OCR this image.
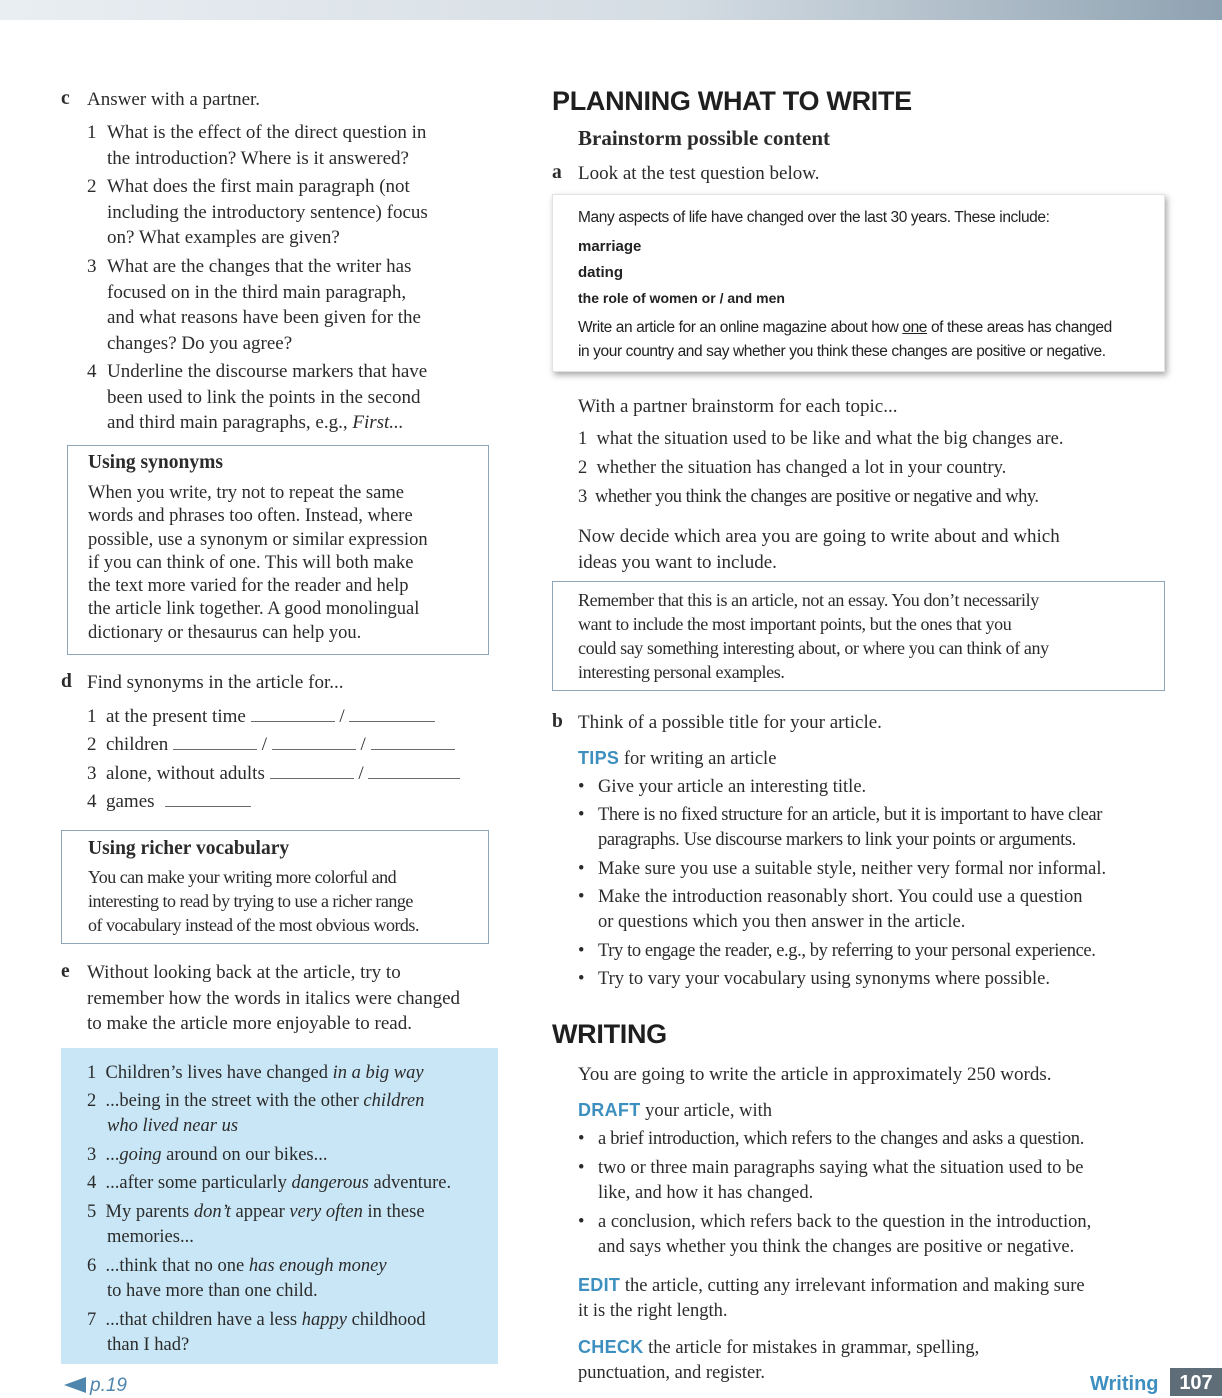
c Answer with a partner.
1 What is the effect of the direct question in
the introduction? Where is it answered?
2 What does the first main paragraph (not
including the introductory sentence) focus
on? What examples are given?
3 What are the changes that the writer has
focused on in the third main paragraph,
and what reasons have been given for the
changes? Do you agree?
4 Underline the discourse markers that have
been used to link the points in the second
and third main paragraphs, e.g., First...
Using synonyms
When you write, try not to repeat the same
words and phrases too often. Instead, where
possible, use a synonym or similar expression
if you can think of one. This will both make
the text more varied for the reader and help
the article link together. A good monolingual
dictionary or thesaurus can help you.
d Find synonyms in the article for...
1 at the present time	/
2 children	/	/
3 alone, without adults	/
4 games
Using richer vocabulary
You can make your writing more colorful and
interesting to read by trying to use a richer range
of vocabulary instead of the most obvious words.
e Without looking back at the article, try to
remember how the words in italics were changed
to make the article more enjoyable to read.
1 Children’s lives have changed in a big way
2 ...being in the street with the other children
who lived near us
3 ...going around on our bikes...
4 ...after some particularly dangerous adventure.
5 My parents don’t appear very often in these
memories...
6 ...think that no one has enough money
to have more than one child.
7 ...that children have a less happy childhood
than I had?
p.19
PLANNING WHAT TO WRITE
Brainstorm possible content
a Look at the test question below.
Many aspects of life have changed over the last 30 years. These include:
marriage
dating
the role of women or / and men
Write an article for an online magazine about how one of these areas has changed
in your country and say whether you think these changes are positive or negative.
With a partner brainstorm for each topic...
1 what the situation used to be like and what the big changes are.
2 whether the situation has changed a lot in your country.
3 whether you think the changes are positive or negative and why.
Now decide which area you are going to write about and which
ideas you want to include.
Remember that this is an article, not an essay. You don’t necessarily
want to include the most important points, but the ones that you
could say something interesting about, or where you can think of any
interesting personal examples.
b Think of a possible title for your article.
TIPS for writing an article
• Give your article an interesting title.
• There is no fixed structure for an article, but it is important to have clear
paragraphs. Use discourse markers to link your points or arguments.
• Make sure you use a suitable style, neither very formal nor informal.
• Make the introduction reasonably short. You could use a question
or questions which you then answer in the article.
• Try to engage the reader, e.g., by referring to your personal experience.
• Try to vary your vocabulary using synonyms where possible.
WRITING
You are going to write the article in approximately 250 words.
DRAFT your article, with
• a brief introduction, which refers to the changes and asks a question.
• two or three main paragraphs saying what the situation used to be
like, and how it has changed.
• a conclusion, which refers back to the question in the introduction,
and says whether you think the changes are positive or negative.
EDIT the article, cutting any irrelevant information and making sure
it is the right length.
CHECK the article for mistakes in grammar, spelling,
punctuation, and register.	Writing	107
